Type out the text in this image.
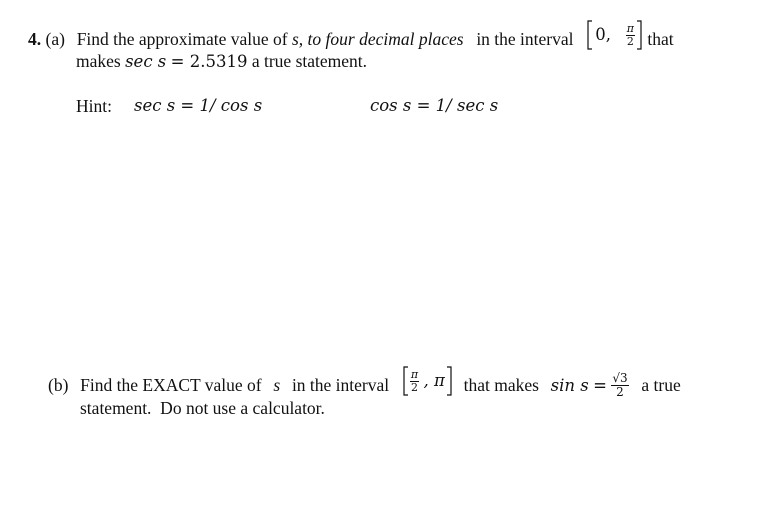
4. (a) Find the approximate value of s, to four decimal places in the interval 0, $\frac{\pi}{2}$ that
makes sec s = 2.5319 a true statement.
Hint: sec s = 1/ cos s	cos s = 1/ sec s
(b) Find the EXACT value of s in the interval $\frac{\pi}{2}$ , π that makes $\sin s = \frac{√3}{2}$ a true
statement.  Do not use a calculator.
